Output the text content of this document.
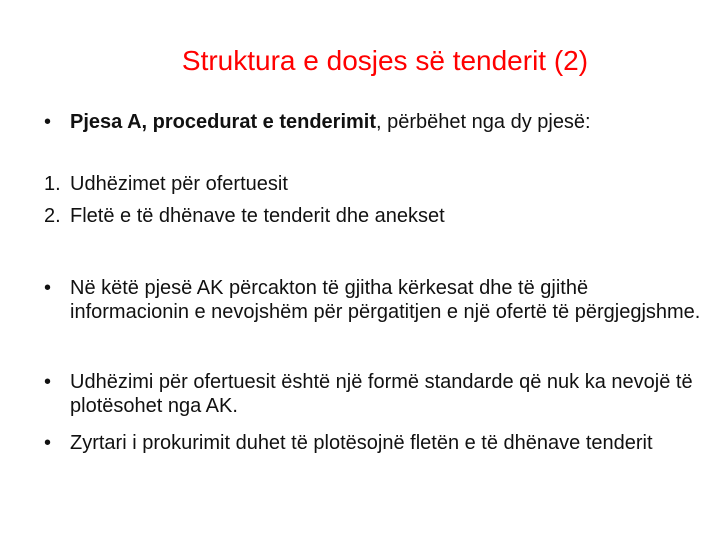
Struktura e dosjes së tenderit (2)
• Pjesa A, procedurat e tenderimit, përbëhet nga dy pjesë:
1. Udhëzimet për ofertuesit
2. Fletë e të dhënave te tenderit dhe anekset
• Në këtë pjesë AK përcakton të gjitha kërkesat dhe të gjithë informacionin e nevojshëm për përgatitjen e një ofertë të përgjegjshme.
• Udhëzimi për ofertuesit është një formë standarde që nuk ka nevojë të plotësohet nga AK.
• Zyrtari i prokurimit duhet të plotësojnë fletën e të dhënave tenderit
